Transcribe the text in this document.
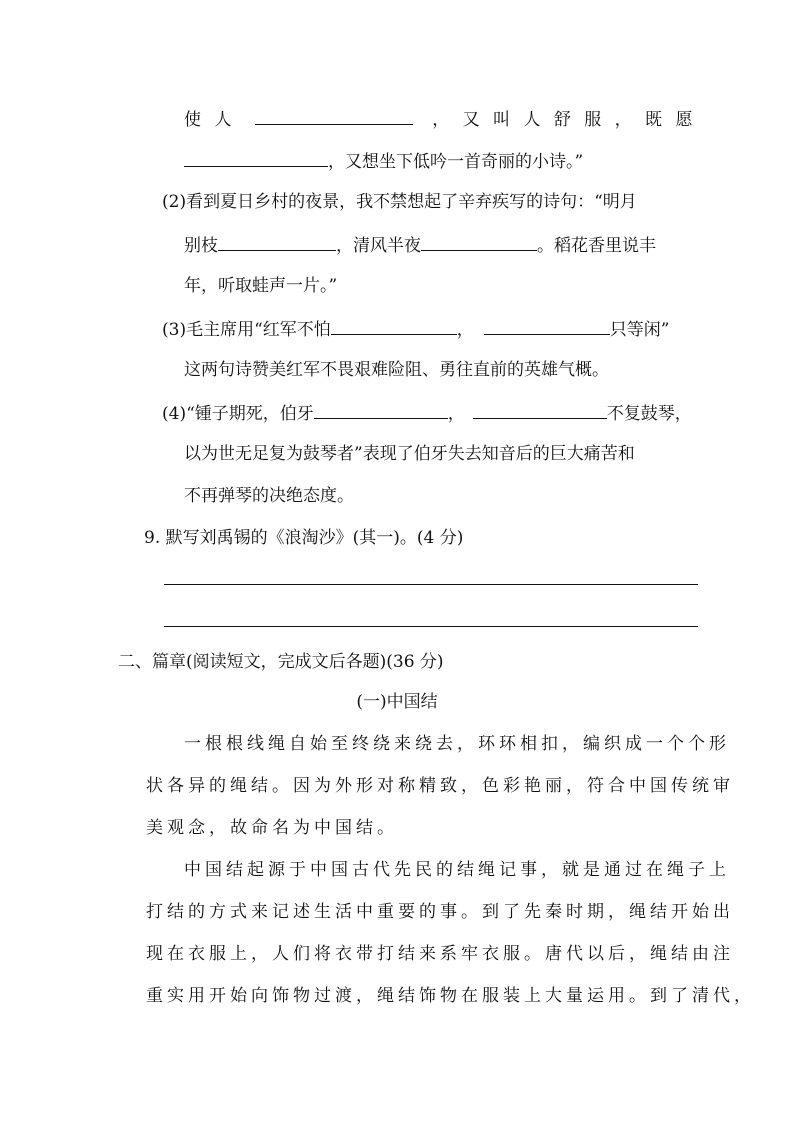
使 人	， 又 叫 人 舒 服 ， 既 愿
，又想坐下低吟一首奇丽的小诗。”
(2)看到夏日乡村的夜景，我不禁想起了辛弃疾写的诗句：“明月
别枝	，清风半夜	。稻花香里说丰
年，听取蛙声一片。”
(3)毛主席用“红军不怕	，	只等闲”
这两句诗赞美红军不畏艰难险阻、勇往直前的英雄气概。
(4)“锺子期死，伯牙	，	不复鼓琴，
以为世无足复为鼓琴者”表现了伯牙失去知音后的巨大痛苦和
不再弹琴的决绝态度。
9. 默写刘禹锡的《浪淘沙》(其一)。(4 分)
二、篇章(阅读短文，完成文后各题)(36 分)
(一)中国结
一根根线绳自始至终绕来绕去，环环相扣，编织成一个个形
状各异的绳结。因为外形对称精致，色彩艳丽，符合中国传统审
美观念，故命名为中国结。
中国结起源于中国古代先民的结绳记事，就是通过在绳子上
打结的方式来记述生活中重要的事。到了先秦时期，绳结开始出
现在衣服上，人们将衣带打结来系牢衣服。唐代以后，绳结由注
重实用开始向饰物过渡，绳结饰物在服装上大量运用。到了清代，
